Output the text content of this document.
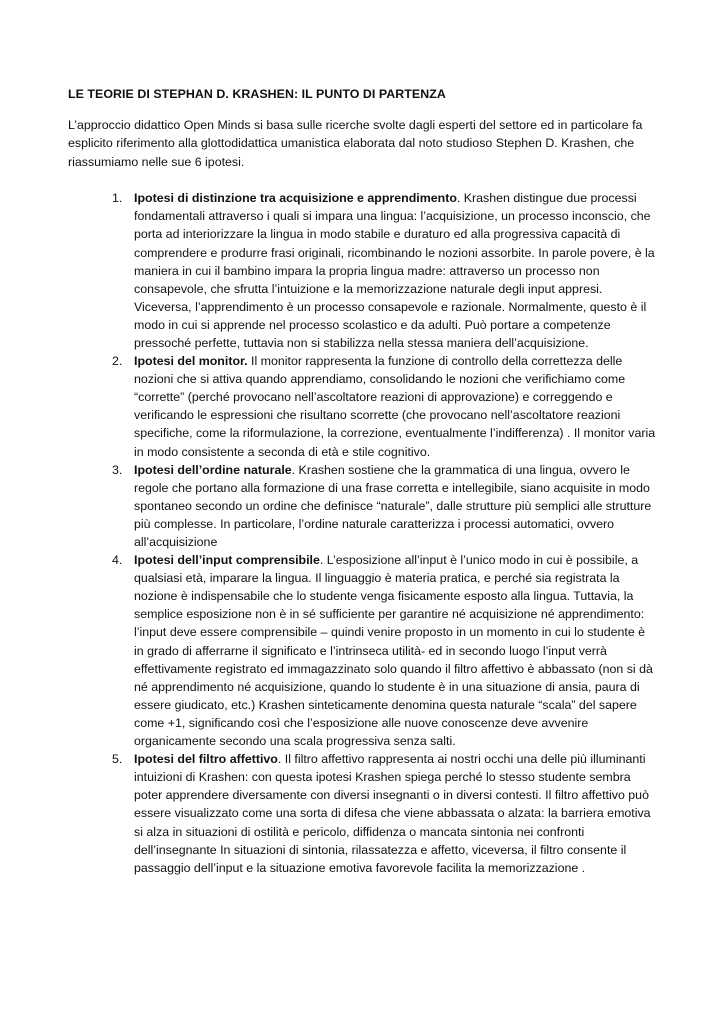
LE TEORIE DI STEPHAN D. KRASHEN: IL PUNTO DI PARTENZA

L’approccio didattico Open Minds si basa sulle ricerche svolte dagli esperti del settore ed in particolare fa esplicito riferimento alla glottodidattica umanistica elaborata dal noto studioso Stephen D. Krashen, che riassumiamo nelle sue 6 ipotesi.

1. Ipotesi di distinzione tra acquisizione e apprendimento. Krashen distingue due processi fondamentali attraverso i quali si impara una lingua: l’acquisizione, un processo inconscio, che porta ad interiorizzare la lingua in modo stabile e duraturo ed alla progressiva capacità di comprendere e produrre frasi originali, ricombinando le nozioni assorbite. In parole povere, è la maniera in cui il bambino impara la propria lingua madre: attraverso un processo non consapevole, che sfrutta l’intuizione e la memorizzazione naturale degli input appresi. Viceversa, l’apprendimento è un processo consapevole e razionale. Normalmente, questo è il modo in cui si apprende nel processo scolastico e da adulti. Può portare a competenze pressoché perfette, tuttavia non si stabilizza nella stessa maniera dell’acquisizione.
2. Ipotesi del monitor. Il monitor rappresenta la funzione di controllo della correttezza delle nozioni che si attiva quando apprendiamo, consolidando le nozioni che verifichiamo come “corrette” (perché provocano nell’ascoltatore reazioni di approvazione) e correggendo e verificando le espressioni che risultano scorrette (che provocano nell’ascoltatore reazioni specifiche, come la riformulazione, la correzione, eventualmente l’indifferenza) . Il monitor varia in modo consistente a seconda di età e stile cognitivo.
3. Ipotesi dell’ordine naturale. Krashen sostiene che la grammatica di una lingua, ovvero le regole che portano alla formazione di una frase corretta e intellegibile, siano acquisite in modo spontaneo secondo un ordine che definisce “naturale”, dalle strutture più semplici alle strutture più complesse. In particolare, l’ordine naturale caratterizza i processi automatici, ovvero all’acquisizione
4. Ipotesi dell’input comprensibile. L’esposizione all’input è l’unico modo in cui è possibile, a qualsiasi età, imparare la lingua. Il linguaggio è materia pratica, e perché sia registrata la nozione è indispensabile che lo studente venga fisicamente esposto alla lingua. Tuttavia, la semplice esposizione non è in sé sufficiente per garantire né acquisizione né apprendimento: l’input deve essere comprensibile – quindi venire proposto in un momento in cui lo studente è in grado di afferrarne il significato e l’intrinseca utilità- ed in secondo luogo l’input verrà effettivamente registrato ed immagazzinato solo quando il filtro affettivo è abbassato (non si dà né apprendimento né acquisizione, quando lo studente è in una situazione di ansia, paura di essere giudicato, etc.) Krashen sinteticamente denomina questa naturale “scala” del sapere come +1, significando così che l’esposizione alle nuove conoscenze deve avvenire organicamente secondo una scala progressiva senza salti.
5. Ipotesi del filtro affettivo. Il filtro affettivo rappresenta ai nostri occhi una delle più illuminanti intuizioni di Krashen: con questa ipotesi Krashen spiega perché lo stesso studente sembra poter apprendere diversamente con diversi insegnanti o in diversi contesti. Il filtro affettivo può essere visualizzato come una sorta di difesa che viene abbassata o alzata: la barriera emotiva si alza in situazioni di ostilità e pericolo, diffidenza o mancata sintonia nei confronti dell’insegnante In situazioni di sintonia, rilassatezza e affetto, viceversa, il filtro consente il passaggio dell’input e la situazione emotiva favorevole facilita la memorizzazione .
